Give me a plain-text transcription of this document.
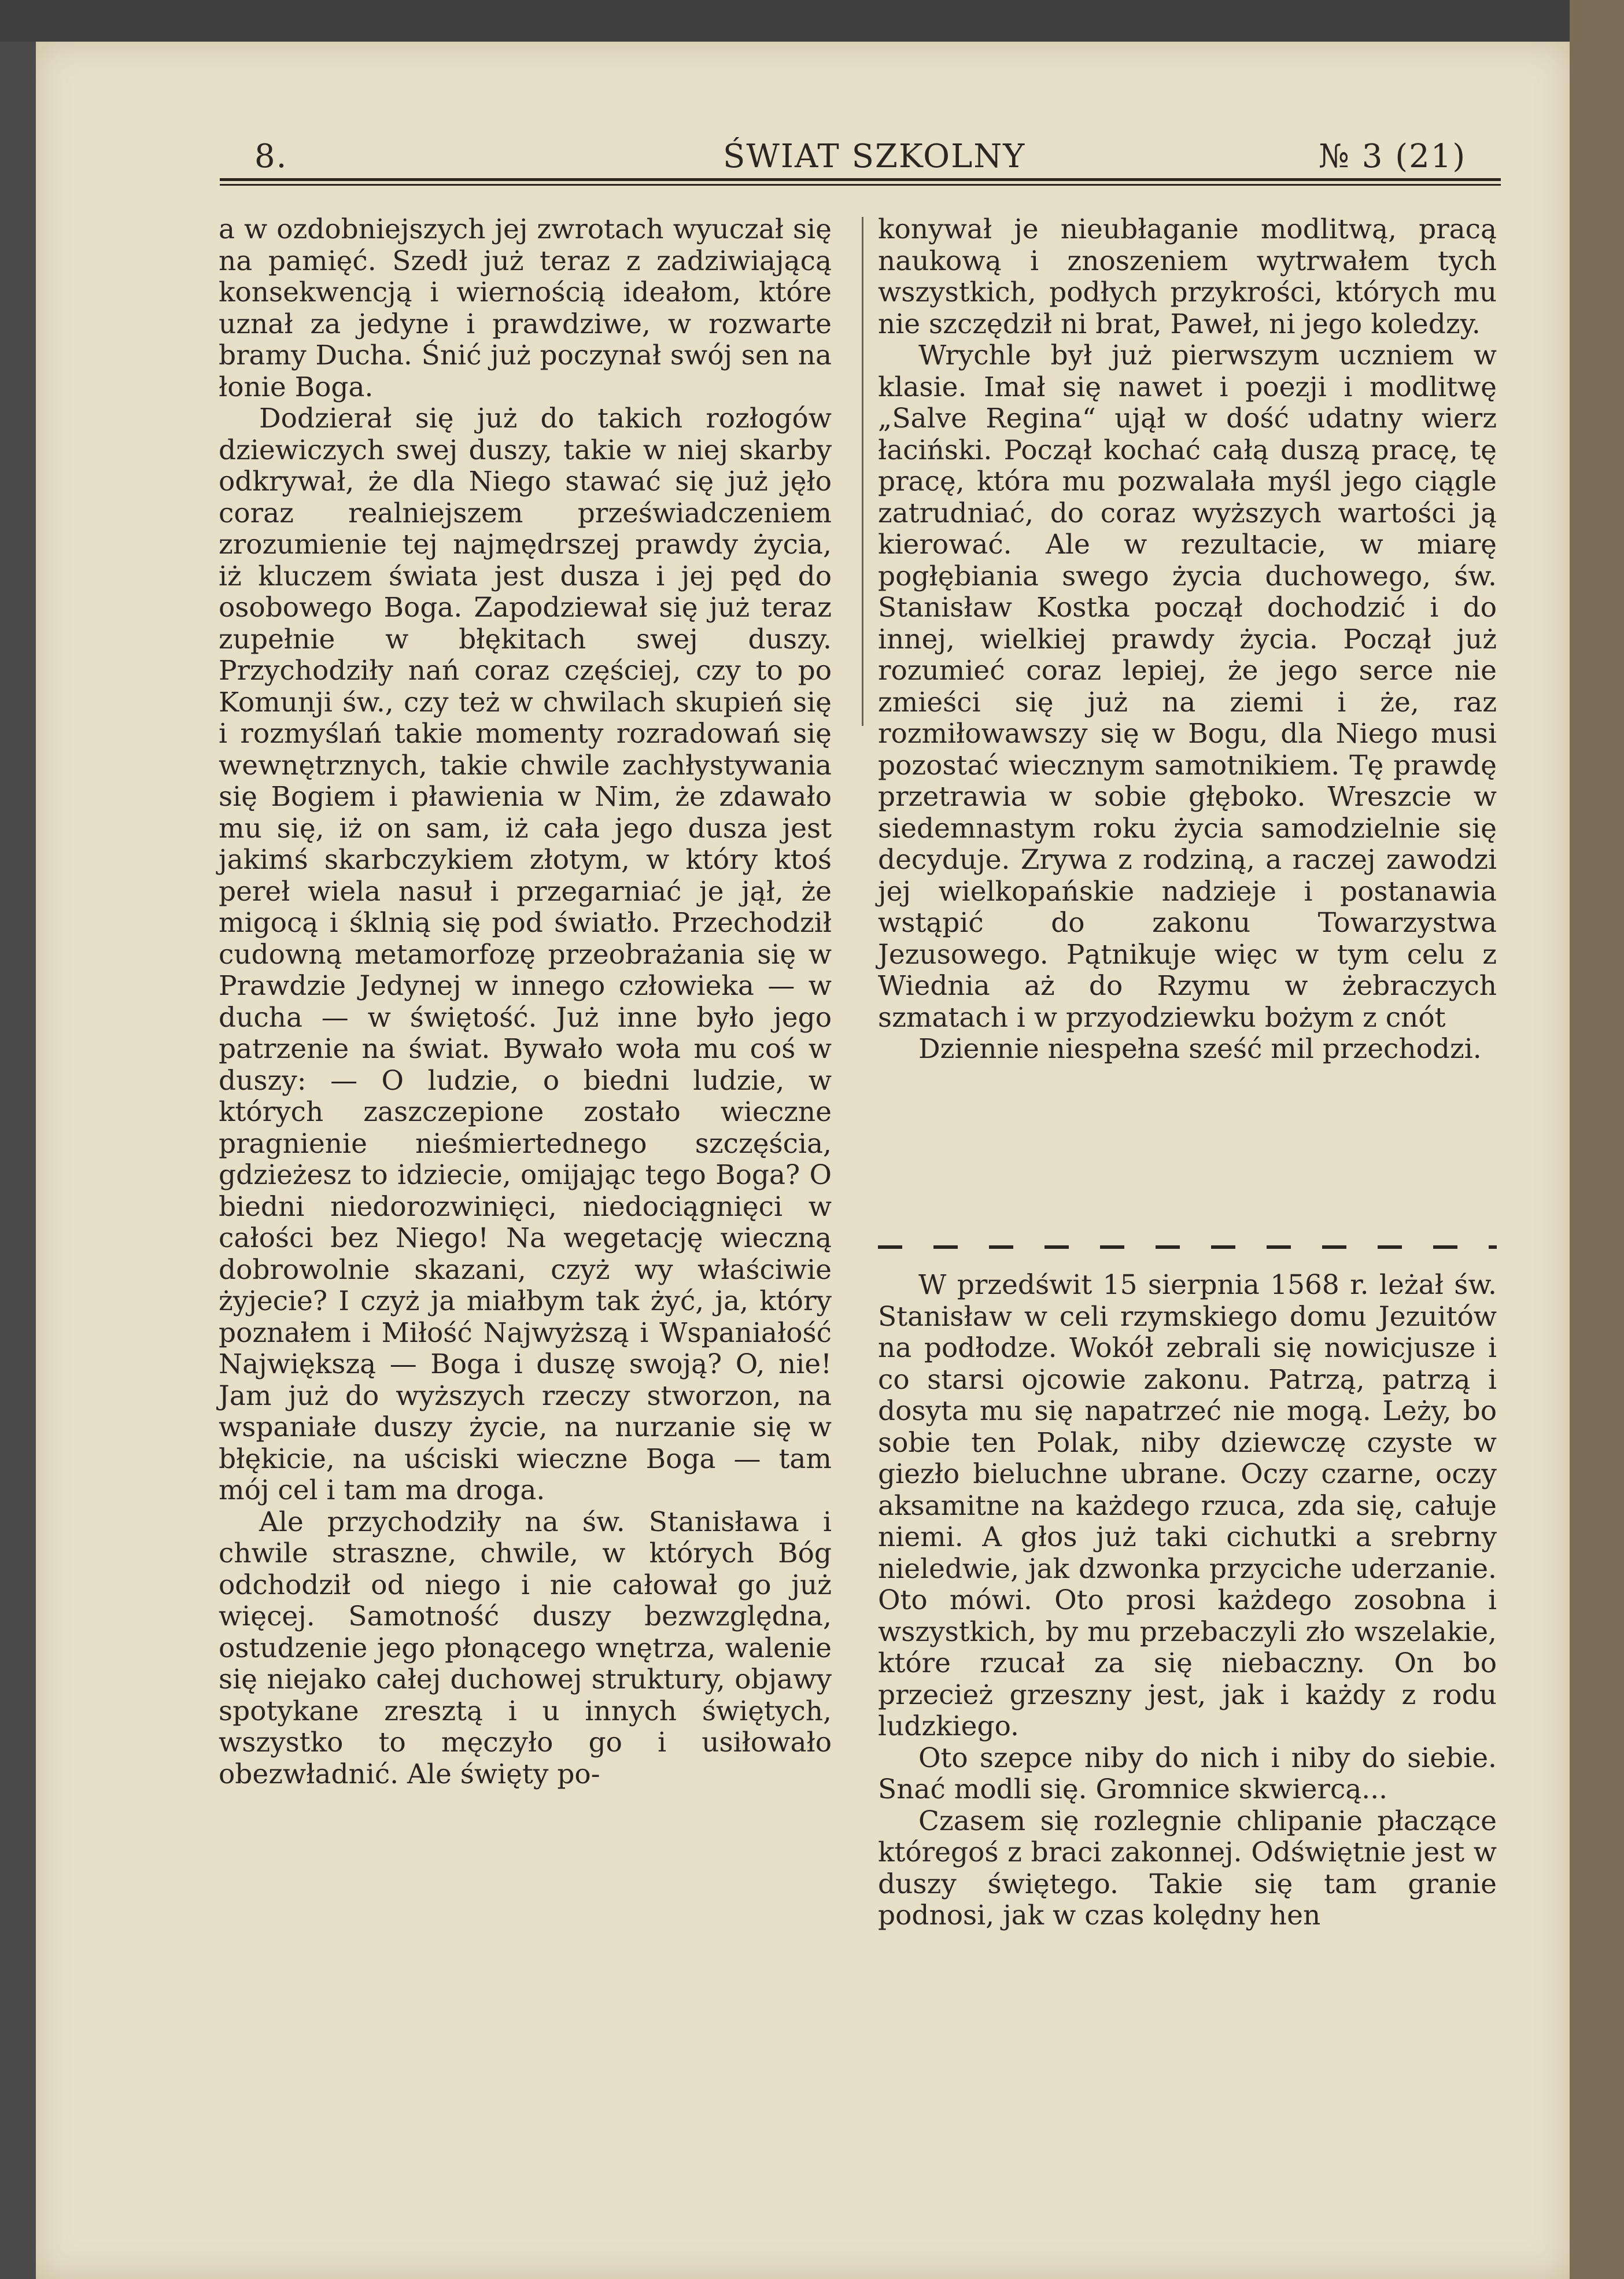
8.	ŚWIAT SZKOLNY	№ 3 (21)

a w ozdobniejszych jej zwrotach wyuczał się na pamięć. Szedł już teraz z zadziwiającą konsekwencją i wiernością ideałom, które uznał za jedyne i prawdziwe, w rozwarte bramy Ducha. Śnić już poczynał swój sen na łonie Boga.

Dodzierał się już do takich rozłogów dziewiczych swej duszy, takie w niej skarby odkrywał, że dla Niego stawać się już jęło coraz realniejszem przeświadczeniem zrozumienie tej najmędrszej prawdy życia, iż kluczem świata jest dusza i jej pęd do osobowego Boga. Zapodziewał się już teraz zupełnie w błękitach swej duszy. Przychodziły nań coraz częściej, czy to po Komunji św., czy też w chwilach skupień się i rozmyślań takie momenty rozradowań się wewnętrznych, takie chwile zachłystywania się Bogiem i pławienia w Nim, że zdawało mu się, iż on sam, iż cała jego dusza jest jakimś skarbczykiem złotym, w który ktoś pereł wiela nasuł i przegarniać je jął, że migocą i śklnią się pod światło. Przechodził cudowną metamorfozę przeobrażania się w Prawdzie Jedynej w innego człowieka — w ducha — w świętość. Już inne było jego patrzenie na świat. Bywało woła mu coś w duszy: — O ludzie, o biedni ludzie, w których zaszczepione zostało wieczne pragnienie nieśmiertednego szczęścia, gdzieżesz to idziecie, omijając tego Boga? O biedni niedorozwinięci, niedociągnięci w całości bez Niego! Na wegetację wieczną dobrowolnie skazani, czyż wy właściwie żyjecie? I czyż ja miałbym tak żyć, ja, który poznałem i Miłość Najwyższą i Wspaniałość Największą — Boga i duszę swoją? O, nie! Jam już do wyższych rzeczy stworzon, na wspaniałe duszy życie, na nurzanie się w błękicie, na uściski wieczne Boga — tam mój cel i tam ma droga.

Ale przychodziły na św. Stanisława i chwile straszne, chwile, w których Bóg odchodził od niego i nie całował go już więcej. Samotność duszy bezwzględna, ostudzenie jego płonącego wnętrza, walenie się niejako całej duchowej struktury, objawy spotykane zresztą i u innych świętych, wszystko to męczyło go i usiłowało obezwładnić. Ale święty po-

konywał je nieubłaganie modlitwą, pracą naukową i znoszeniem wytrwałem tych wszystkich, podłych przykrości, których mu nie szczędził ni brat, Paweł, ni jego koledzy.

Wrychle był już pierwszym uczniem w klasie. Imał się nawet i poezji i modlitwę „Salve Regina“ ujął w dość udatny wierz łaciński. Począł kochać całą duszą pracę, tę pracę, która mu pozwalała myśl jego ciągle zatrudniać, do coraz wyższych wartości ją kierować. Ale w rezultacie, w miarę pogłębiania swego życia duchowego, św. Stanisław Kostka począł dochodzić i do innej, wielkiej prawdy życia. Począł już rozumieć coraz lepiej, że jego serce nie zmieści się już na ziemi i że, raz rozmiłowawszy się w Bogu, dla Niego musi pozostać wiecznym samotnikiem. Tę prawdę przetrawia w sobie głęboko. Wreszcie w siedemnastym roku życia samodzielnie się decyduje. Zrywa z rodziną, a raczej zawodzi jej wielkopańskie nadzieje i postanawia wstąpić do zakonu Towarzystwa Jezusowego. Pątnikuje więc w tym celu z Wiednia aż do Rzymu w żebraczych szmatach i w przyodziewku bożym z cnót

Dziennie niespełna sześć mil przechodzi.

W przedświt 15 sierpnia 1568 r. leżał św. Stanisław w celi rzymskiego domu Jezuitów na podłodze. Wokół zebrali się nowicjusze i co starsi ojcowie zakonu. Patrzą, patrzą i dosyta mu się napatrzeć nie mogą. Leży, bo sobie ten Polak, niby dziewczę czyste w giezło bieluchne ubrane. Oczy czarne, oczy aksamitne na każdego rzuca, zda się, całuje niemi. A głos już taki cichutki a srebrny nieledwie, jak dzwonka przyciche uderzanie. Oto mówi. Oto prosi każdego zosobna i wszystkich, by mu przebaczyli zło wszelakie, które rzucał za się niebaczny. On bo przecież grzeszny jest, jak i każdy z rodu ludzkiego.

Oto szepce niby do nich i niby do siebie. Snać modli się. Gromnice skwiercą...

Czasem się rozlegnie chlipanie płaczące któregoś z braci zakonnej. Odświętnie jest w duszy świętego. Takie się tam granie podnosi, jak w czas kolędny hen
